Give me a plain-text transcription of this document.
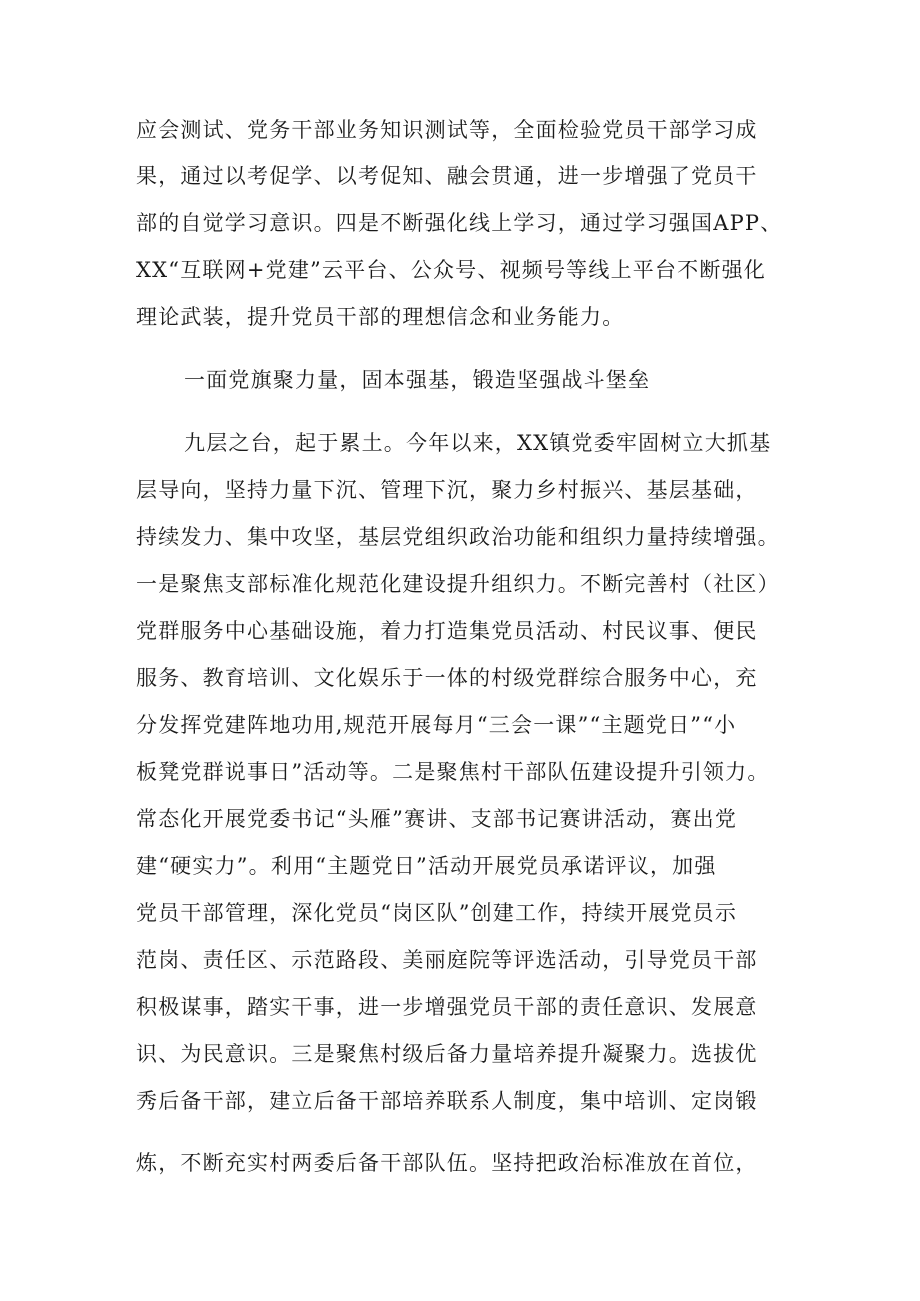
应会测试、党务干部业务知识测试等，全面检验党员干部学习成
果，通过以考促学、以考促知、融会贯通，进一步增强了党员干
部的自觉学习意识。四是不断强化线上学习，通过学习强国APP、
XX“互联网+党建”云平台、公众号、视频号等线上平台不断强化
理论武装，提升党员干部的理想信念和业务能力。
一面党旗聚力量，固本强基，锻造坚强战斗堡垒
九层之台，起于累土。今年以来，XX镇党委牢固树立大抓基
层导向，坚持力量下沉、管理下沉，聚力乡村振兴、基层基础，
持续发力、集中攻坚，基层党组织政治功能和组织力量持续增强。
一是聚焦支部标准化规范化建设提升组织力。不断完善村（社区）
党群服务中心基础设施，着力打造集党员活动、村民议事、便民
服务、教育培训、文化娱乐于一体的村级党群综合服务中心，充
分发挥党建阵地功用,规范开展每月“三会一课”“主题党日”“小
板凳党群说事日”活动等。二是聚焦村干部队伍建设提升引领力。
常态化开展党委书记“头雁”赛讲、支部书记赛讲活动，赛出党
建“硬实力”。利用“主题党日”活动开展党员承诺评议，加强
党员干部管理，深化党员“岗区队”创建工作，持续开展党员示
范岗、责任区、示范路段、美丽庭院等评选活动，引导党员干部
积极谋事，踏实干事，进一步增强党员干部的责任意识、发展意
识、为民意识。三是聚焦村级后备力量培养提升凝聚力。选拔优
秀后备干部，建立后备干部培养联系人制度，集中培训、定岗锻
炼，不断充实村两委后备干部队伍。坚持把政治标准放在首位，
